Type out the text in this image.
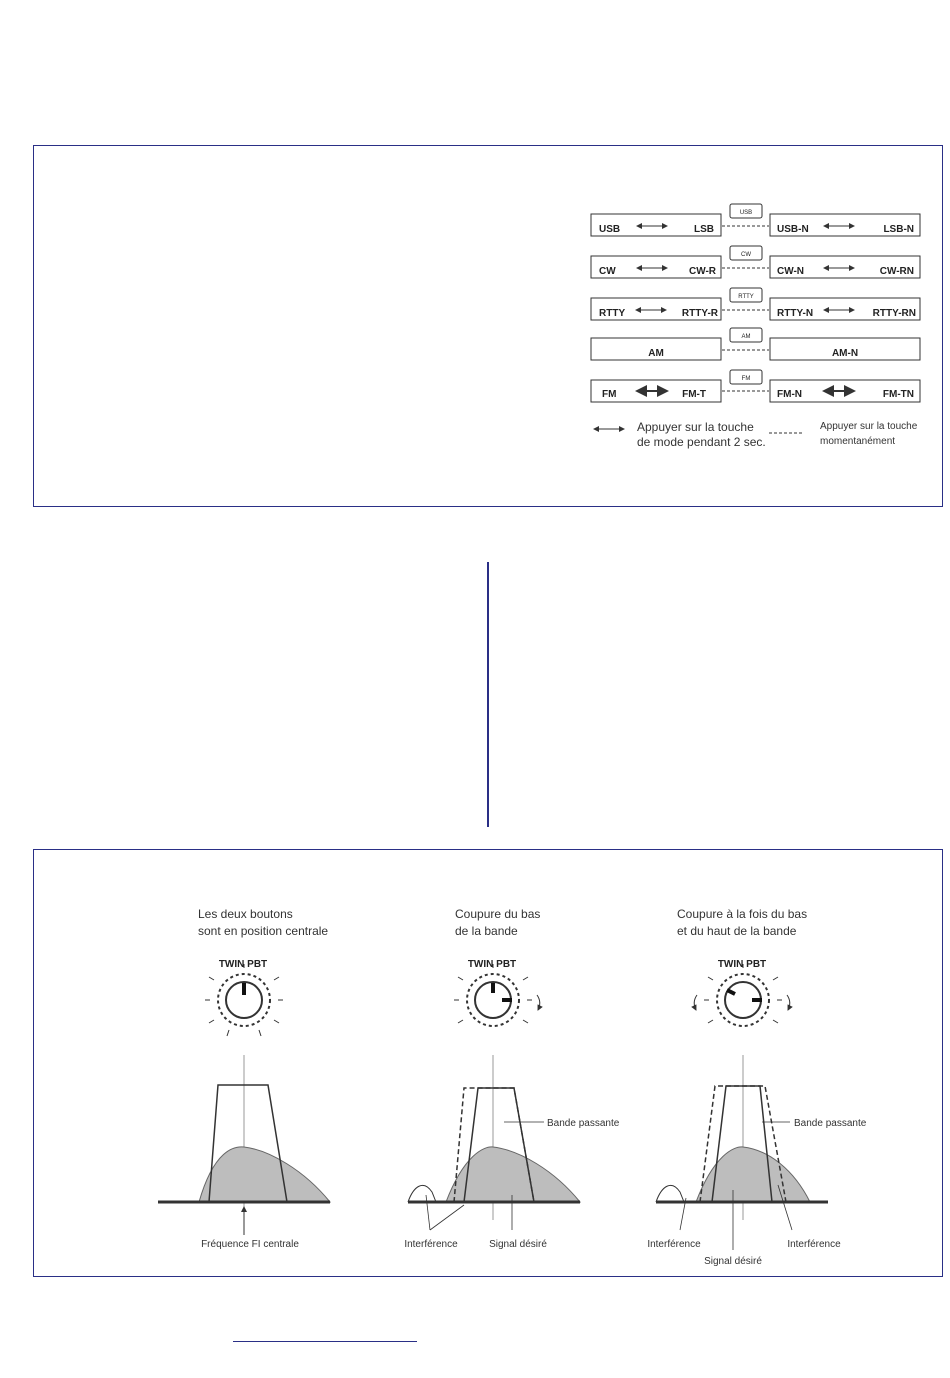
USB
USB	LSB	USB-N	LSB-N
CW
CW	CW-R	CW-N	CW-RN
RTTY
RTTY	RTTY-R	RTTY-N	RTTY-RN
AM
AM	AM-N
FM
FM	FM-T	FM-N	FM-TN
Appuyer sur la touche
de mode pendant 2 sec.
Appuyer sur la touche
momentanément
Les deux boutons
sont en position centrale
Coupure du bas
de la bande
Coupure à la fois du bas
et du haut de la bande
TWIN PBT	TWIN PBT	TWIN PBT
Fréquence FI centrale
Bande passante
Interférence	Signal désiré
Bande passante
Interférence	Interférence
Signal désiré
